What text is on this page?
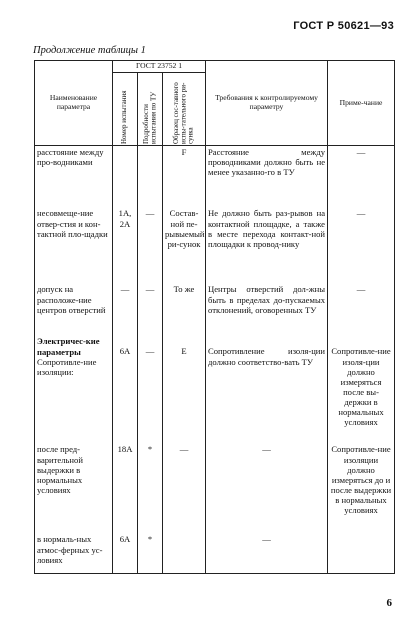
ГОСТ Р 50621—93
Продолжение таблицы 1
Наименование параметра	ГОСТ 23752 1			Требования к контролируемому параметру	Приме-чание

	Номер испытания	Подробности испытания по ТУ	Образец сос-тавного испы-тательного ри-сунка		

расстояние между про-водниками			F	Расстояние между проводниками должно быть не менее указанно-го в ТУ	—
несовмеще-ние отвер-стия и кон-тактной пло-щадки	1А, 2А	—	Состав-ной пе-рывыемый ри-сунок	Не должно быть раз-рывов на контактной площадке, а также в месте перехода контакт-ной площадки к провод-нику	—
допуск на расположе-ние центров отверстий	—	—	То же	Центры отверстий дол-жны быть в пределах до-пускаемых отклонений, оговоренных ТУ	—

Электричес-кие параметры
Сопротивле-ние изоляции:	6А	—	Е	Сопротивление изоля-ции должно соответство-вать ТУ	Сопротивле-ние изоля-ции должно измеряться после вы-держки в нормальных условиях

после пред-варительной выдержки в нормальных условиях	18А	*	—	—	Сопротивле-ние изоляции должно измеряться до и после выдержки в нормальных условиях

в нормаль-ных атмос-ферных ус-ловиях	6А	*		—	
6
